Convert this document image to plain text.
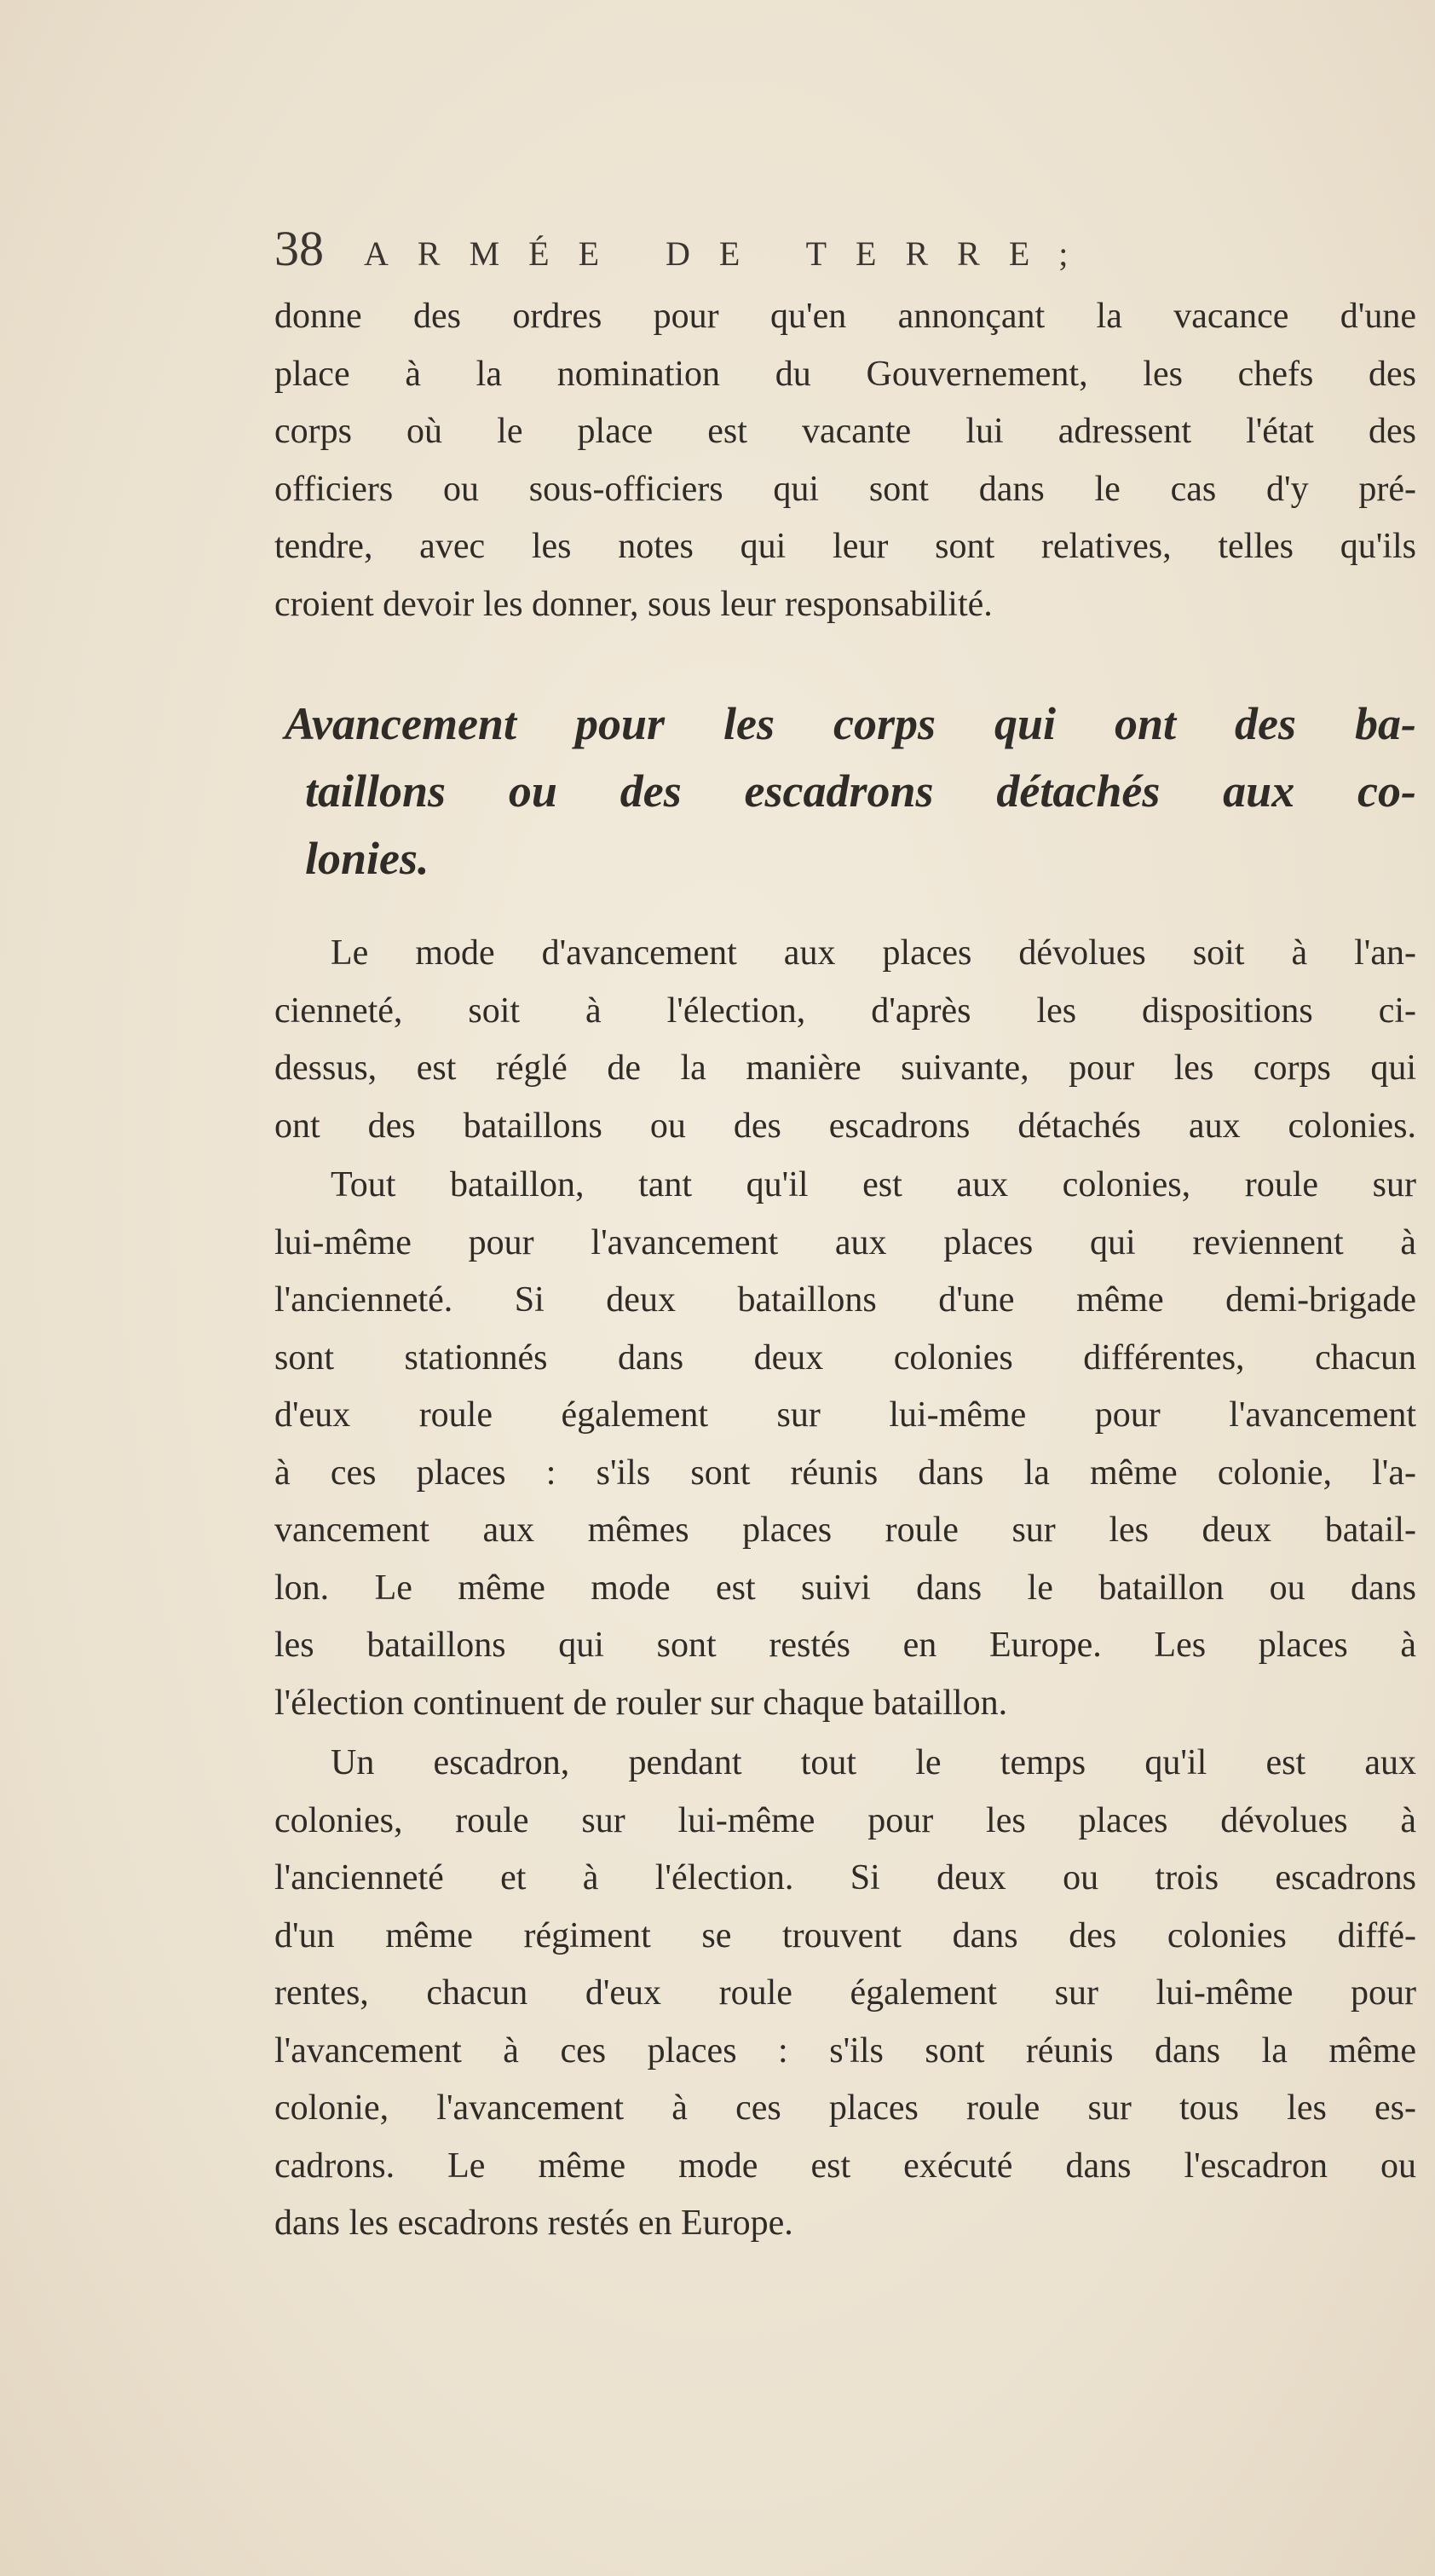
38	ARMÉE DE TERRE;

donne des ordres pour qu'en annonçant la vacance d'une
place à la nomination du Gouvernement, les chefs des
corps où le place est vacante lui adressent l'état des
officiers ou sous-officiers qui sont dans le cas d'y pré-
tendre, avec les notes qui leur sont relatives, telles qu'ils
croient devoir les donner, sous leur responsabilité.

Avancement pour les corps qui ont des ba-
taillons ou des escadrons détachés aux co-
lonies.

Le mode d'avancement aux places dévolues soit à l'an-
cienneté, soit à l'élection, d'après les dispositions ci-
dessus, est réglé de la manière suivante, pour les corps qui
ont des bataillons ou des escadrons détachés aux colonies.

Tout bataillon, tant qu'il est aux colonies, roule sur
lui-même pour l'avancement aux places qui reviennent à
l'ancienneté. Si deux bataillons d'une même demi-brigade
sont stationnés dans deux colonies différentes, chacun
d'eux roule également sur lui-même pour l'avancement
à ces places : s'ils sont réunis dans la même colonie, l'a-
vancement aux mêmes places roule sur les deux batail-
lon. Le même mode est suivi dans le bataillon ou dans
les bataillons qui sont restés en Europe. Les places à
l'élection continuent de rouler sur chaque bataillon.

Un escadron, pendant tout le temps qu'il est aux
colonies, roule sur lui-même pour les places dévolues à
l'ancienneté et à l'élection. Si deux ou trois escadrons
d'un même régiment se trouvent dans des colonies diffé-
rentes, chacun d'eux roule également sur lui-même pour
l'avancement à ces places : s'ils sont réunis dans la même
colonie, l'avancement à ces places roule sur tous les es-
cadrons. Le même mode est exécuté dans l'escadron ou
dans les escadrons restés en Europe.
